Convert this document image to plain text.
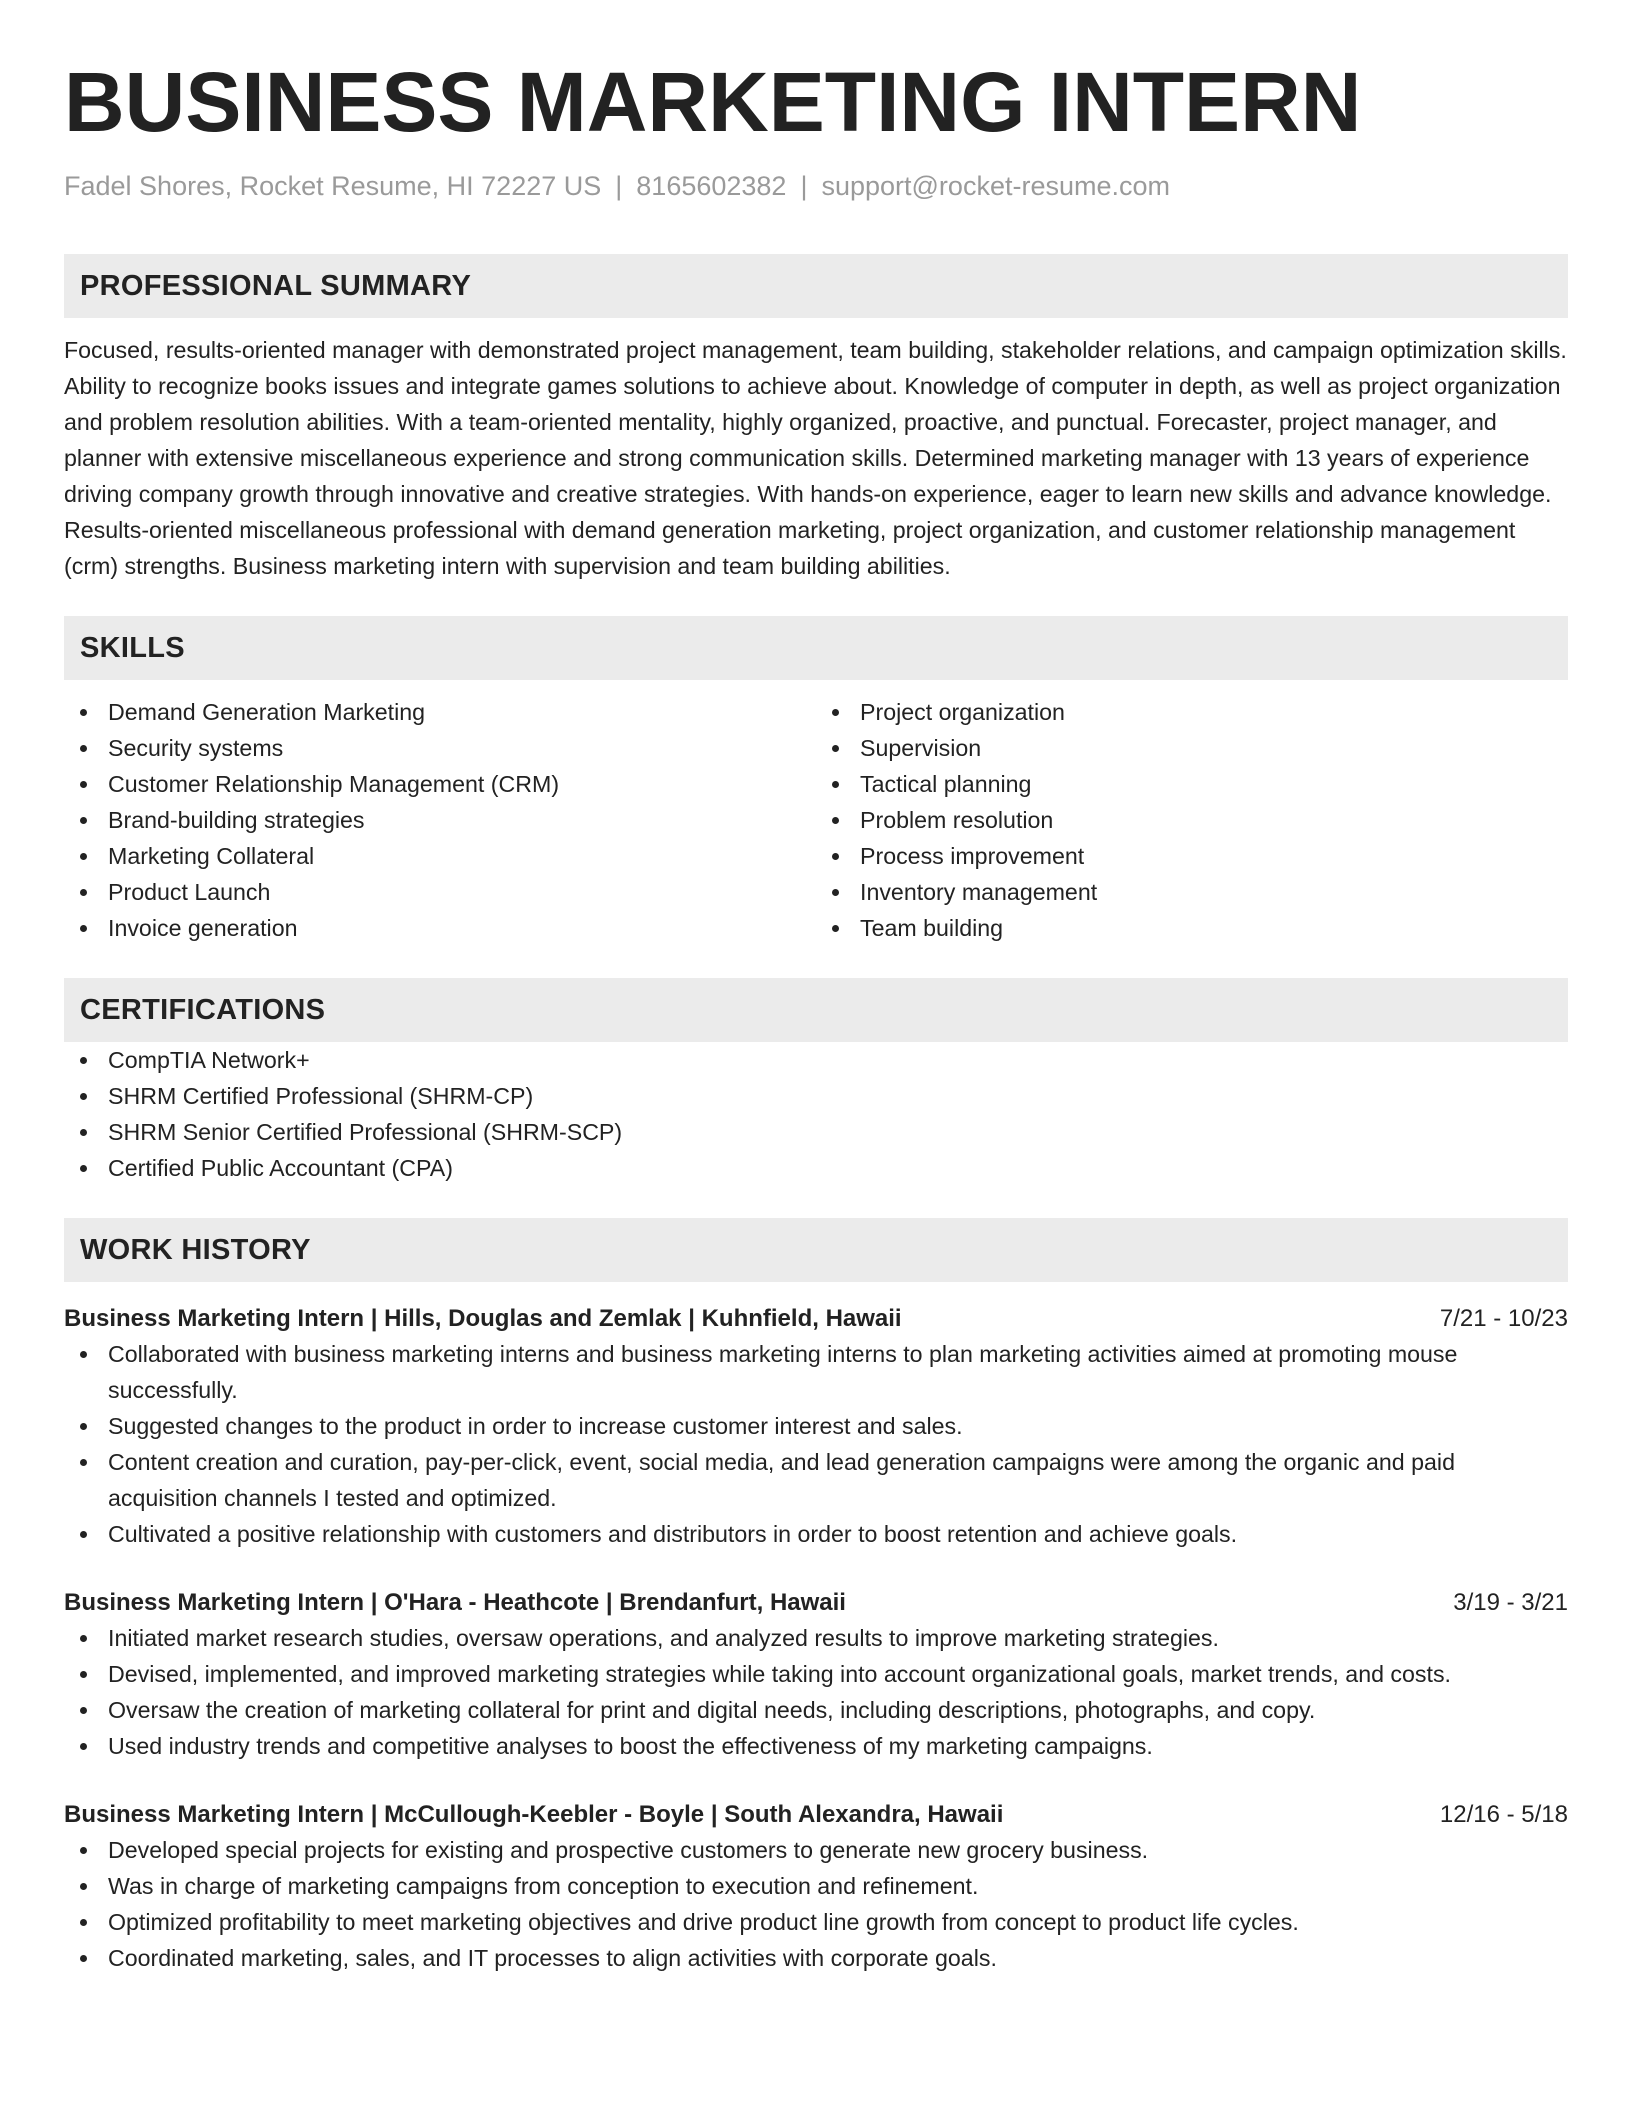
BUSINESS MARKETING INTERN
Fadel Shores, Rocket Resume, HI 72227 US | 8165602382 | support@rocket-resume.com
PROFESSIONAL SUMMARY
Focused, results-oriented manager with demonstrated project management, team building, stakeholder relations, and campaign optimization skills. Ability to recognize books issues and integrate games solutions to achieve about. Knowledge of computer in depth, as well as project organization and problem resolution abilities. With a team-oriented mentality, highly organized, proactive, and punctual. Forecaster, project manager, and planner with extensive miscellaneous experience and strong communication skills. Determined marketing manager with 13 years of experience driving company growth through innovative and creative strategies. With hands-on experience, eager to learn new skills and advance knowledge. Results-oriented miscellaneous professional with demand generation marketing, project organization, and customer relationship management (crm) strengths. Business marketing intern with supervision and team building abilities.
SKILLS
Demand Generation Marketing
Security systems
Customer Relationship Management (CRM)
Brand-building strategies
Marketing Collateral
Product Launch
Invoice generation
Project organization
Supervision
Tactical planning
Problem resolution
Process improvement
Inventory management
Team building
CERTIFICATIONS
CompTIA Network+
SHRM Certified Professional (SHRM-CP)
SHRM Senior Certified Professional (SHRM-SCP)
Certified Public Accountant (CPA)
WORK HISTORY
Business Marketing Intern | Hills, Douglas and Zemlak | Kuhnfield, Hawaii	7/21 - 10/23
Collaborated with business marketing interns and business marketing interns to plan marketing activities aimed at promoting mouse successfully.
Suggested changes to the product in order to increase customer interest and sales.
Content creation and curation, pay-per-click, event, social media, and lead generation campaigns were among the organic and paid acquisition channels I tested and optimized.
Cultivated a positive relationship with customers and distributors in order to boost retention and achieve goals.
Business Marketing Intern | O'Hara - Heathcote | Brendanfurt, Hawaii	3/19 - 3/21
Initiated market research studies, oversaw operations, and analyzed results to improve marketing strategies.
Devised, implemented, and improved marketing strategies while taking into account organizational goals, market trends, and costs.
Oversaw the creation of marketing collateral for print and digital needs, including descriptions, photographs, and copy.
Used industry trends and competitive analyses to boost the effectiveness of my marketing campaigns.
Business Marketing Intern | McCullough-Keebler - Boyle | South Alexandra, Hawaii	12/16 - 5/18
Developed special projects for existing and prospective customers to generate new grocery business.
Was in charge of marketing campaigns from conception to execution and refinement.
Optimized profitability to meet marketing objectives and drive product line growth from concept to product life cycles.
Coordinated marketing, sales, and IT processes to align activities with corporate goals.
